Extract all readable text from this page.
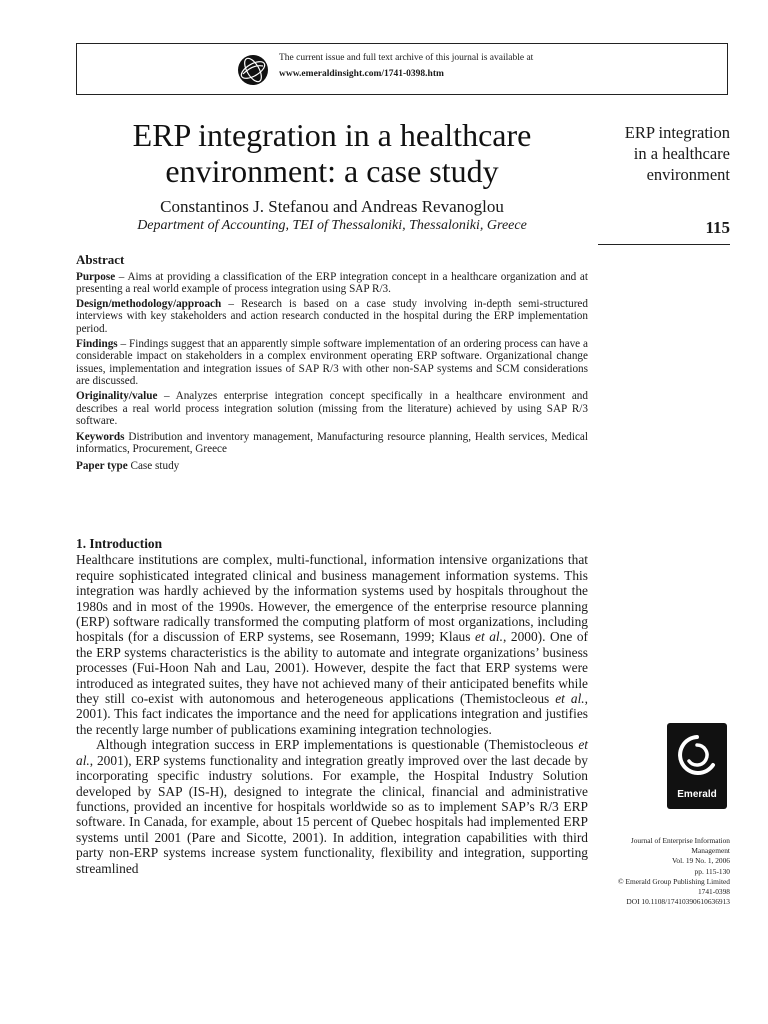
The current issue and full text archive of this journal is available at
www.emeraldinsight.com/1741-0398.htm
ERP integration in a healthcare
environment: a case study
Constantinos J. Stefanou and Andreas Revanoglou
Department of Accounting, TEI of Thessaloniki, Thessaloniki, Greece
ERP integration
in a healthcare
environment
115
Abstract

Purpose – Aims at providing a classification of the ERP integration concept in a healthcare organization and at presenting a real world example of process integration using SAP R/3.

Design/methodology/approach – Research is based on a case study involving in-depth semi-structured interviews with key stakeholders and action research conducted in the hospital during the ERP implementation period.

Findings – Findings suggest that an apparently simple software implementation of an ordering process can have a considerable impact on stakeholders in a complex environment operating ERP software. Organizational change issues, implementation and integration issues of SAP R/3 with other non-SAP systems and SCM considerations are discussed.

Originality/value – Analyzes enterprise integration concept specifically in a healthcare environment and describes a real world process integration solution (missing from the literature) achieved by using SAP R/3 software.

Keywords Distribution and inventory management, Manufacturing resource planning, Health services, Medical informatics, Procurement, Greece

Paper type Case study

1. Introduction

Healthcare institutions are complex, multi-functional, information intensive organizations that require sophisticated integrated clinical and business management information systems. This integration was hardly achieved by the information systems used by hospitals throughout the 1980s and in most of the 1990s. However, the emergence of the enterprise resource planning (ERP) software radically transformed the computing platform of most organizations, including hospitals (for a discussion of ERP systems, see Rosemann, 1999; Klaus et al., 2000). One of the ERP systems characteristics is the ability to automate and integrate organizations’ business processes (Fui-Hoon Nah and Lau, 2001). However, despite the fact that ERP systems were introduced as integrated suites, they have not achieved many of their anticipated benefits while they still co-exist with autonomous and heterogeneous applications (Themistocleous et al., 2001). This fact indicates the importance and the need for applications integration and justifies the recently large number of publications examining integration technologies.

Although integration success in ERP implementations is questionable (Themistocleous et al., 2001), ERP systems functionality and integration greatly improved over the last decade by incorporating specific industry solutions. For example, the Hospital Industry Solution developed by SAP (IS-H), designed to integrate the clinical, financial and administrative functions, provided an incentive for hospitals worldwide so as to implement SAP’s R/3 ERP software. In Canada, for example, about 15 percent of Quebec hospitals had implemented ERP systems until 2001 (Pare and Sicotte, 2001). In addition, integration capabilities with third party non-ERP systems increase system functionality, flexibility and integration, supporting streamlined

Emerald
Journal of Enterprise Information
Management
Vol. 19 No. 1, 2006
pp. 115-130
© Emerald Group Publishing Limited
1741-0398
DOI 10.1108/17410390610636913
